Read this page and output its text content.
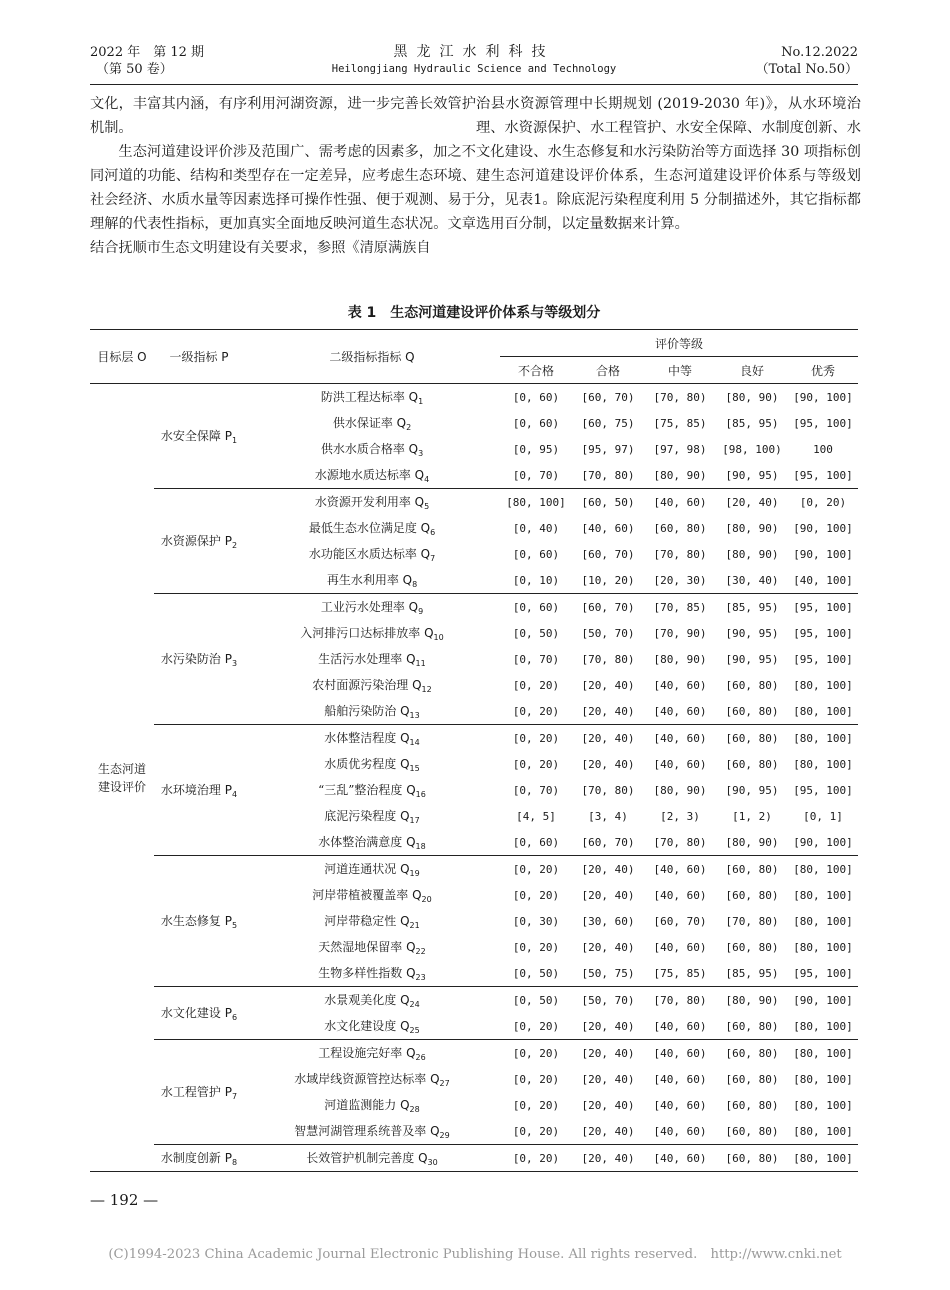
2022 年　第 12 期
（第 50 卷）
黑龙江水利科技
Heilongjiang Hydraulic Science and Technology
No.12.2022
（Total No.50）

文化，丰富其内涵，有序利用河湖资源，进一步完善长效管护机制。

生态河道建设评价涉及范围广、需考虑的因素多，加之不同河道的功能、结构和类型存在一定差异，应考虑生态环境、社会经济、水质水量等因素选择可操作性强、便于观测、易于理解的代表性指标，更加真实全面地反映河道生态状况。文章结合抚顺市生态文明建设有关要求，参照《清原满族自

治县水资源管理中长期规划 (2019-2030 年)》，从水环境治理、水资源保护、水工程管护、水安全保障、水制度创新、水文化建设、水生态修复和水污染防治等方面选择 30 项指标创建生态河道建设评价体系，生态河道建设评价体系与等级划分，见表1。除底泥污染程度利用 5 分制描述外，其它指标都选用百分制，以定量数据来计算。

表 1　生态河道建设评价体系与等级划分
目标层 O	一级指标 P	二级指标指标 Q	评价等级				
			不合格	合格	中等	良好	优秀

生态河道
建设评价	水安全保障 $P_1$	防洪工程达标率 $Q_1$	[0, 60)	[60, 70)	[70, 80)	[80, 90)	[90, 100]
		供水保证率 $Q_2$	[0, 60)	[60, 75)	[75, 85)	[85, 95)	[95, 100]
		供水水质合格率 $Q_3$	[0, 95)	[95, 97)	[97, 98)	[98, 100)	100
		水源地水质达标率 $Q_4$	[0, 70)	[70, 80)	[80, 90)	[90, 95)	[95, 100]
	水资源保护 $P_2$	水资源开发利用率 $Q_5$	[80, 100]	[60, 50)	[40, 60)	[20, 40)	[0, 20)
		最低生态水位满足度 $Q_6$	[0, 40)	[40, 60)	[60, 80)	[80, 90)	[90, 100]
		水功能区水质达标率 $Q_7$	[0, 60)	[60, 70)	[70, 80)	[80, 90)	[90, 100]
		再生水利用率 $Q_8$	[0, 10)	[10, 20)	[20, 30)	[30, 40)	[40, 100]
	水污染防治 $P_3$	工业污水处理率 $Q_9$	[0, 60)	[60, 70)	[70, 85)	[85, 95)	[95, 100]
		入河排污口达标排放率 $Q_{10}$	[0, 50)	[50, 70)	[70, 90)	[90, 95)	[95, 100]
		生活污水处理率 $Q_{11}$	[0, 70)	[70, 80)	[80, 90)	[90, 95)	[95, 100]
		农村面源污染治理 $Q_{12}$	[0, 20)	[20, 40)	[40, 60)	[60, 80)	[80, 100]
		船舶污染防治 $Q_{13}$	[0, 20)	[20, 40)	[40, 60)	[60, 80)	[80, 100]
	水环境治理 $P_4$	水体整洁程度 $Q_{14}$	[0, 20)	[20, 40)	[40, 60)	[60, 80)	[80, 100]
		水质优劣程度 $Q_{15}$	[0, 20)	[20, 40)	[40, 60)	[60, 80)	[80, 100]
		“三乱”整治程度 $Q_{16}$	[0, 70)	[70, 80)	[80, 90)	[90, 95)	[95, 100]
		底泥污染程度 $Q_{17}$	[4, 5]	[3, 4)	[2, 3)	[1, 2)	[0, 1]
		水体整治满意度 $Q_{18}$	[0, 60)	[60, 70)	[70, 80)	[80, 90)	[90, 100]
	水生态修复 $P_5$	河道连通状况 $Q_{19}$	[0, 20)	[20, 40)	[40, 60)	[60, 80)	[80, 100]
		河岸带植被覆盖率 $Q_{20}$	[0, 20)	[20, 40)	[40, 60)	[60, 80)	[80, 100]
		河岸带稳定性 $Q_{21}$	[0, 30)	[30, 60)	[60, 70)	[70, 80)	[80, 100]
		天然湿地保留率 $Q_{22}$	[0, 20)	[20, 40)	[40, 60)	[60, 80)	[80, 100]
		生物多样性指数 $Q_{23}$	[0, 50)	[50, 75)	[75, 85)	[85, 95)	[95, 100]
	水文化建设 $P_6$	水景观美化度 $Q_{24}$	[0, 50)	[50, 70)	[70, 80)	[80, 90)	[90, 100]
		水文化建设度 $Q_{25}$	[0, 20)	[20, 40)	[40, 60)	[60, 80)	[80, 100]
	水工程管护 $P_7$	工程设施完好率 $Q_{26}$	[0, 20)	[20, 40)	[40, 60)	[60, 80)	[80, 100]
		水域岸线资源管控达标率 $Q_{27}$	[0, 20)	[20, 40)	[40, 60)	[60, 80)	[80, 100]
		河道监测能力 $Q_{28}$	[0, 20)	[20, 40)	[40, 60)	[60, 80)	[80, 100]
		智慧河湖管理系统普及率 $Q_{29}$	[0, 20)	[20, 40)	[40, 60)	[60, 80)	[80, 100]
	水制度创新 $P_8$	长效管护机制完善度 $Q_{30}$	[0, 20)	[20, 40)	[40, 60)	[60, 80)	[80, 100]
— 192 —
(C)1994-2023 China Academic Journal Electronic Publishing House. All rights reserved.　http://www.cnki.net
